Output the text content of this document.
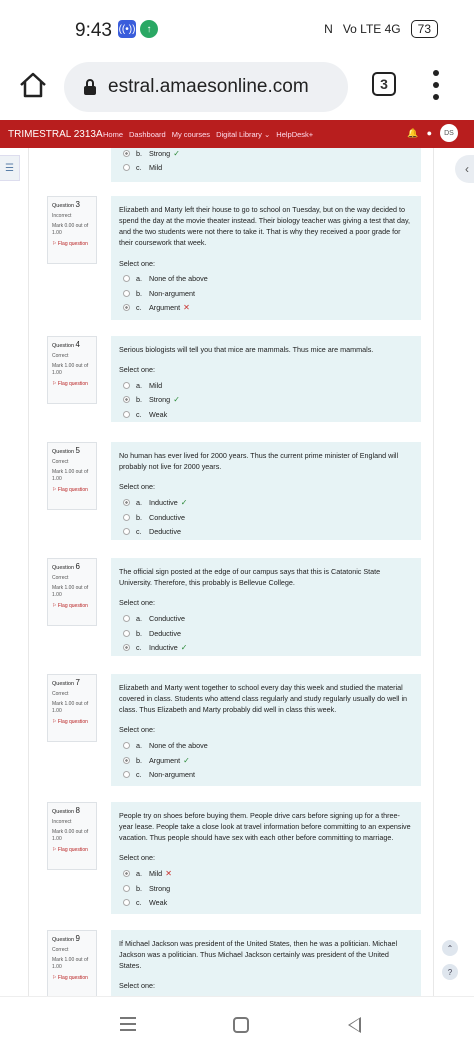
9:43 ((•))	↑	N Vo LTE 4G	73
estral.amaesonline.com	3
TRIMESTRAL 2313A Home Dashboard My courses Digital Library ⌄ HelpDesk+	🔔 ●	DS
☰	‹
b. Strong ✓
c.	Mild
Question 3
Incorrect
Mark 0.00 out of 1.00
⚐ Flag question
Elizabeth and Marty left their house to go to school on Tuesday, but on the way decided to spend the day at the movie theater instead. Their biology teacher was giving a test that day, and the two students were not there to take it. That is why they received a poor grade for their coursework that week.
Select one:
a. None of the above
b. Non-argument
c.	Argument ✕
Question 4
Correct
Mark 1.00 out of 1.00
⚐ Flag question
Serious biologists will tell you that mice are mammals. Thus mice are mammals.
Select one:
a. Mild
b. Strong ✓
c.	Weak
Question 5
Correct
Mark 1.00 out of 1.00
⚐ Flag question
No human has ever lived for 2000 years. Thus the current prime minister of England will probably not live for 2000 years.
Select one:
a. Inductive ✓
b. Conductive
c.	Deductive
Question 6
Correct
Mark 1.00 out of 1.00
⚐ Flag question
The official sign posted at the edge of our campus says that this is Catatonic State University. Therefore, this probably is Bellevue College.
Select one:
a. Conductive
b. Deductive
c.	Inductive ✓
Question 7
Correct
Mark 1.00 out of 1.00
⚐ Flag question
Elizabeth and Marty went together to school every day this week and studied the material covered in class. Students who attend class regularly and study regularly usually do well in class. Thus Elizabeth and Marty probably did well in class this week.
Select one:
a. None of the above
b. Argument ✓
c.	Non-argument
Question 8
Incorrect
Mark 0.00 out of 1.00
⚐ Flag question
People try on shoes before buying them. People drive cars before signing up for a three-year lease. People take a close look at travel information before committing to an expensive vacation. Thus people should have sex with each other before committing to marriage.
Select one:
a. Mild ✕
b. Strong
c.	Weak
Question 9
Correct
Mark 1.00 out of 1.00
⚐ Flag question
If Michael Jackson was president of the United States, then he was a politician. Michael Jackson was a politician. Thus Michael Jackson certainly was president of the United States.
Select one:
⌃
?
